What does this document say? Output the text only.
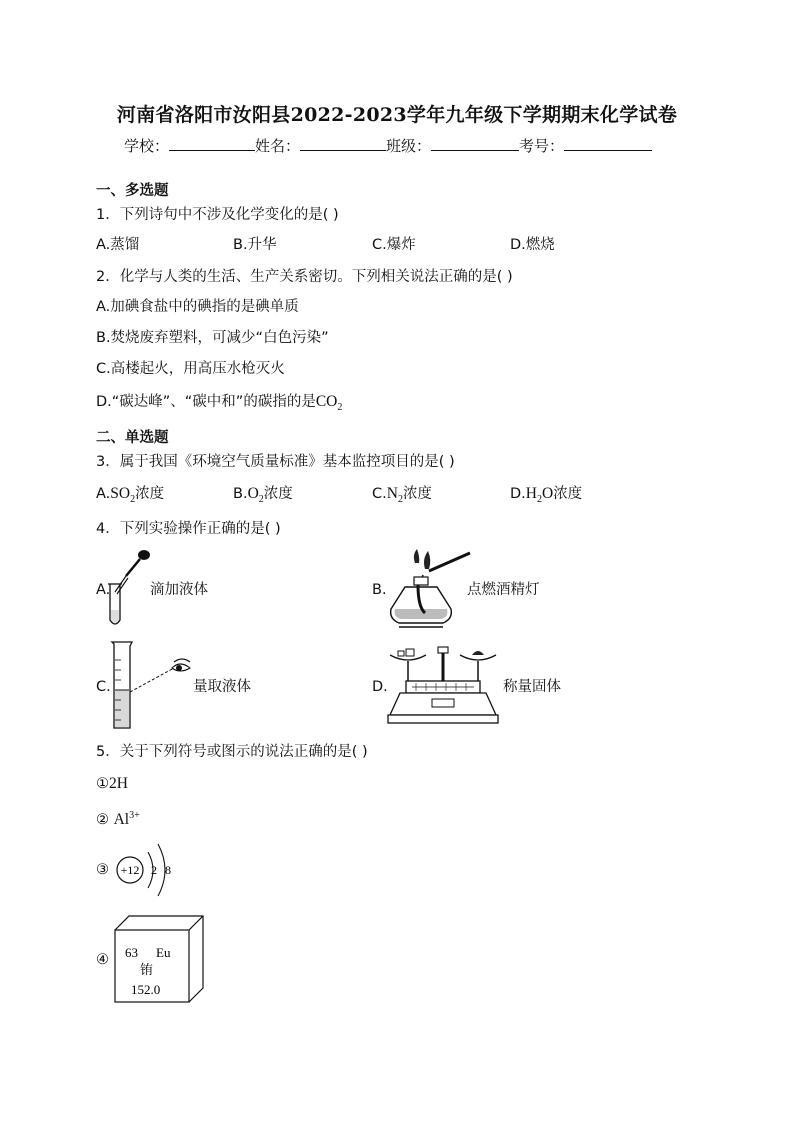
河南省洛阳市汝阳县2022-2023学年九年级下学期期末化学试卷
学校：	姓名：	班级：	考号：
一、多选题
1．下列诗句中不涉及化学变化的是( )
A.蒸馏	B.升华	C.爆炸	D.燃烧
2．化学与人类的生活、生产关系密切。下列相关说法正确的是( )
A.加碘食盐中的碘指的是碘单质
B.焚烧废弃塑料，可减少“白色污染”
C.高楼起火，用高压水枪灭火
D.“碳达峰”、“碳中和”的碳指的是$CO_2$
二、单选题
3．属于我国《环境空气质量标准》基本监控项目的是( )
$A.SO_2$浓度	$B.O_2$浓度	$C.N_2$浓度	$D.H_2O$浓度
4．下列实验操作正确的是( )
A.	滴加液体	B.	点燃酒精灯
C.	量取液体	D.	称量固体
5．关于下列符号或图示的说法正确的是( )
①2H
② $Al^{3+}$
③ +12 2 8
④ 63 Eu
铕
152.0
